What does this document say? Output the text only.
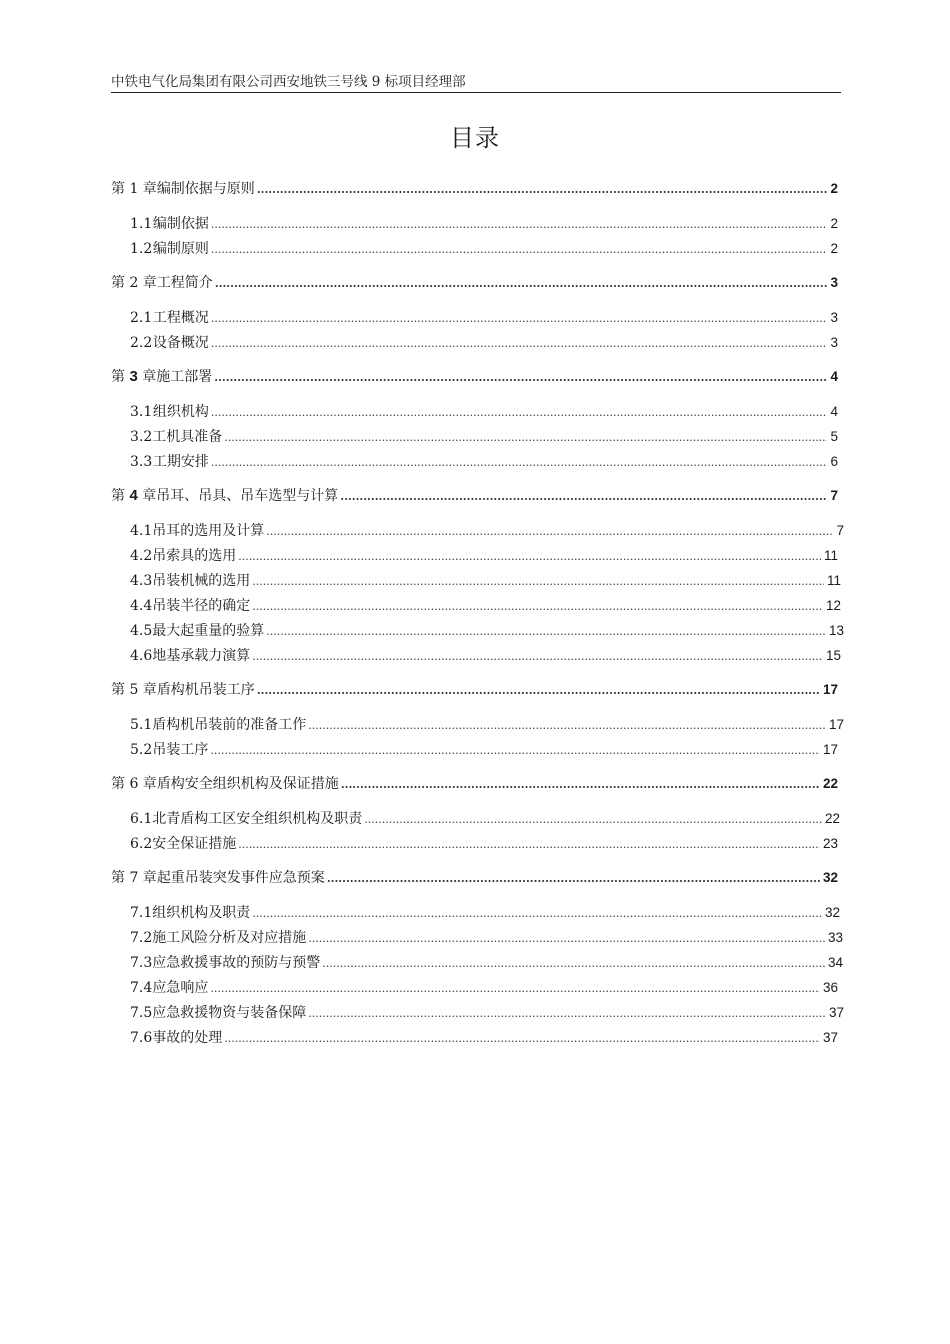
中铁电气化局集团有限公司西安地铁三号线 9 标项目经理部
目录
第 1 章 编制依据与原则 .....	2
1.1 编制依据 .....	2
1.2 编制原则 .....	2
第 2 章 工程简介 .....	3
2.1 工程概况 .....	3
2.2 设备概况 .....	3
第 3 章 施工部署 .....	4
3.1 组织机构 .....	4
3.2 工机具准备 .....	5
3.3 工期安排 .....	6
第 4 章 吊耳、吊具、吊车选型与计算 .....	7
4.1 吊耳的选用及计算 .....	7
4.2 吊索具的选用 .....	11
4.3 吊装机械的选用 .....	11
4.4 吊装半径的确定 .....	12
4.5 最大起重量的验算 .....	13
4.6 地基承载力演算 .....	15
第 5 章 盾构机吊装工序 .....	17
5.1 盾构机吊装前的准备工作 .....	17
5.2 吊装工序 .....	17
第 6 章 盾构安全组织机构及保证措施 .....	22
6.1 北青盾构工区安全组织机构及职责 .....	22
6.2 安全保证措施 .....	23
第 7 章 起重吊装突发事件应急预案 .....	32
7.1 组织机构及职责 .....	32
7.2 施工风险分析及对应措施 .....	33
7.3 应急救援事故的预防与预警 .....	34
7.4 应急响应 .....	36
7.5 应急救援物资与装备保障 .....	37
7.6 事故的处理 .....	37
